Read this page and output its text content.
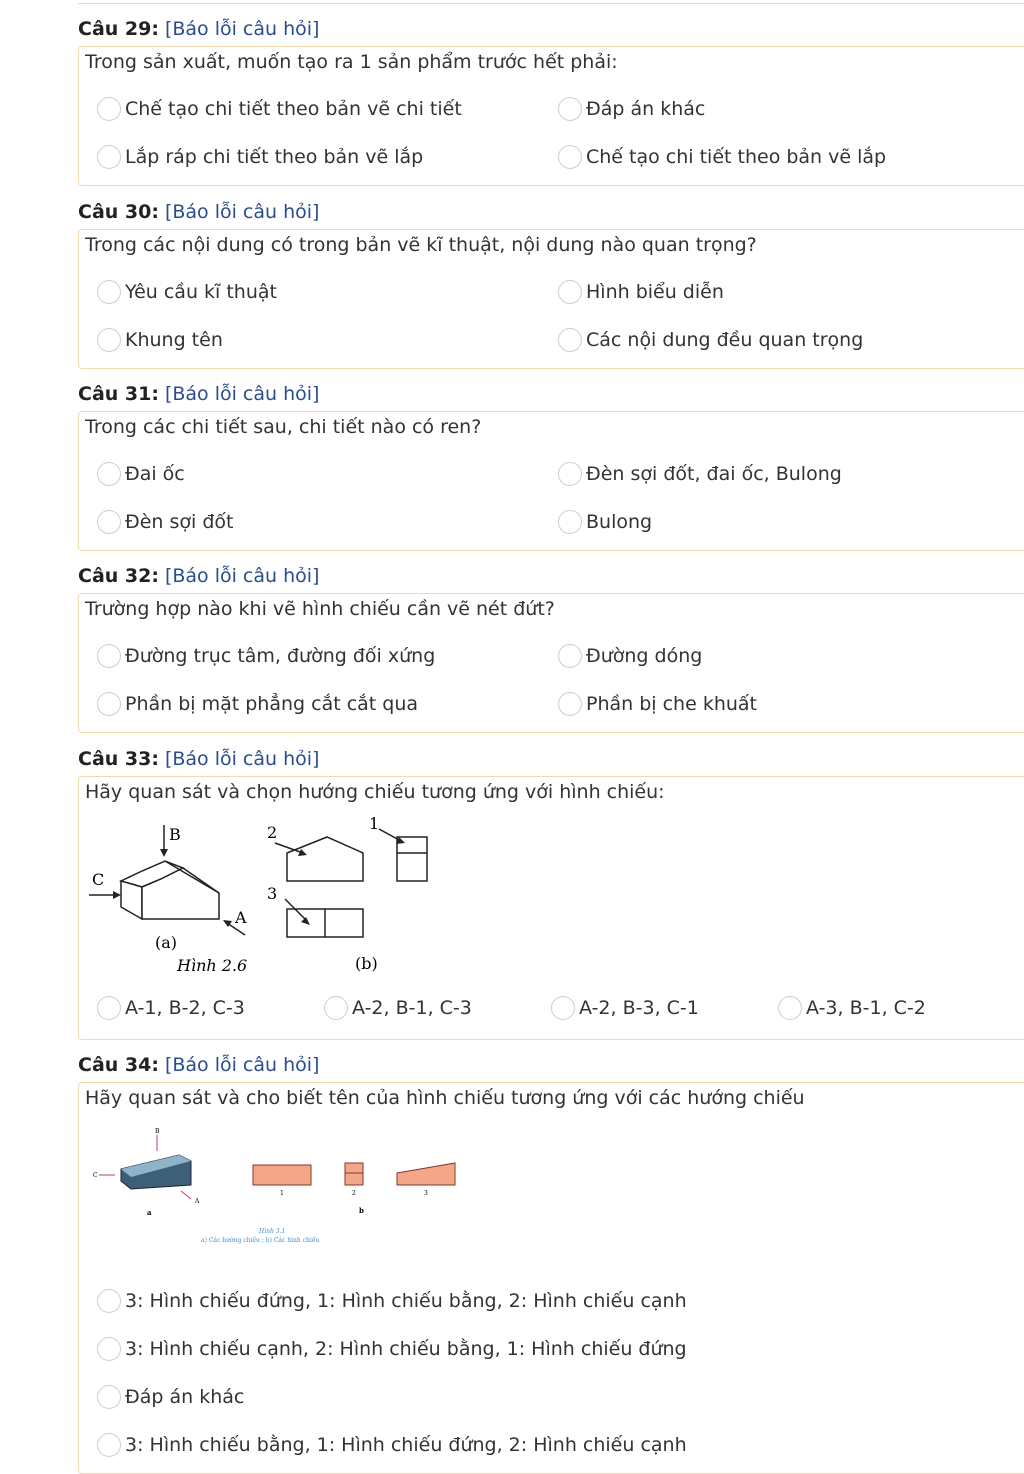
Câu 29: [Báo lỗi câu hỏi]
Trong sản xuất, muốn tạo ra 1 sản phẩm trước hết phải:
Chế tạo chi tiết theo bản vẽ chi tiết	Đáp án khác
Lắp ráp chi tiết theo bản vẽ lắp	Chế tạo chi tiết theo bản vẽ lắp
Câu 30: [Báo lỗi câu hỏi]
Trong các nội dung có trong bản vẽ kĩ thuật, nội dung nào quan trọng?
Yêu cầu kĩ thuật	Hình biểu diễn
Khung tên	Các nội dung đều quan trọng
Câu 31: [Báo lỗi câu hỏi]
Trong các chi tiết sau, chi tiết nào có ren?
Đai ốc	Đèn sợi đốt, đai ốc, Bulong
Đèn sợi đốt	Bulong
Câu 32: [Báo lỗi câu hỏi]
Trường hợp nào khi vẽ hình chiếu cần vẽ nét đứt?
Đường trục tâm, đường đối xứng	Đường dóng
Phần bị mặt phẳng cắt cắt qua	Phần bị che khuất
Câu 33: [Báo lỗi câu hỏi]
Hãy quan sát và chọn hướng chiếu tương ứng với hình chiếu:
B
C
A
(a)
Hình 2.6
2	1
3
(b)
A-1, B-2, C-3	A-2, B-1, C-3	A-2, B-3, C-1	A-3, B-1, C-2
Câu 34: [Báo lỗi câu hỏi]
Hãy quan sát và cho biết tên của hình chiếu tương ứng với các hướng chiếu
B
C
A
a
1	2	3
b
Hình 3.1
a) Các hướng chiếu ; b) Các hình chiếu
3: Hình chiếu đứng, 1: Hình chiếu bằng, 2: Hình chiếu cạnh
3: Hình chiếu cạnh, 2: Hình chiếu bằng, 1: Hình chiếu đứng
Đáp án khác
3: Hình chiếu bằng, 1: Hình chiếu đứng, 2: Hình chiếu cạnh
